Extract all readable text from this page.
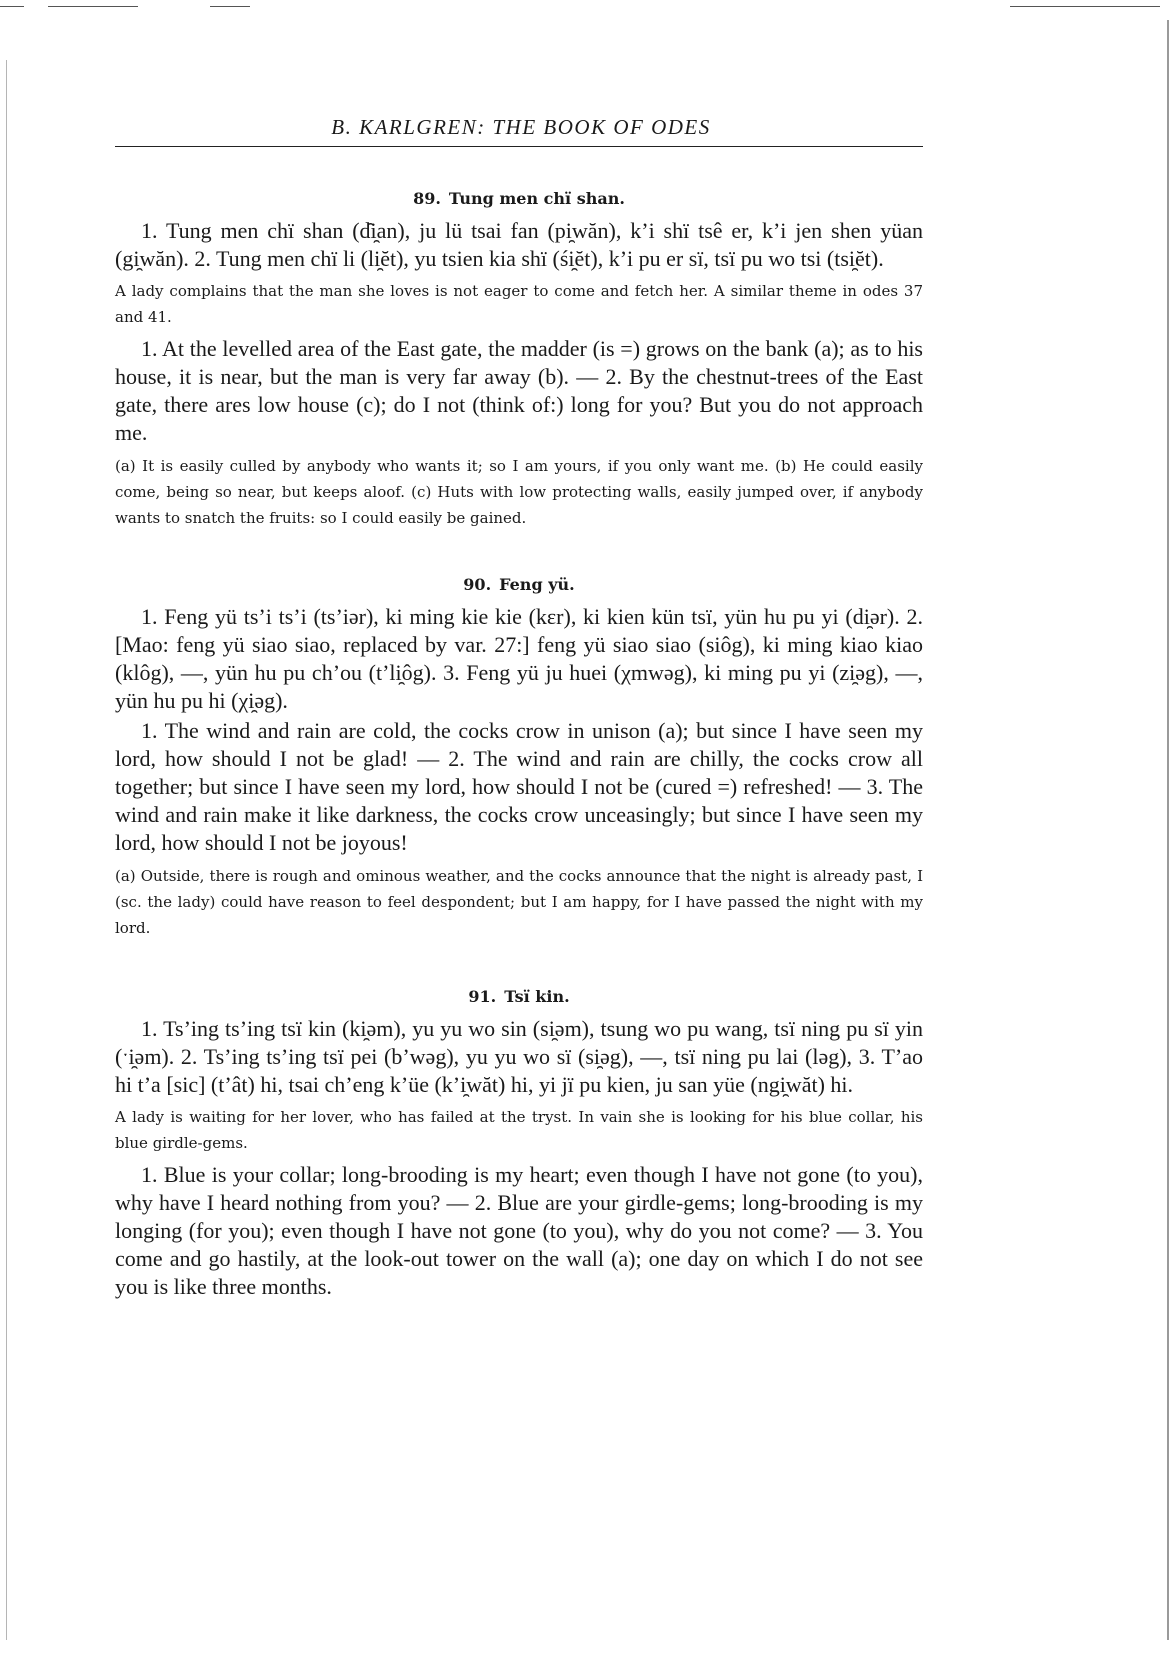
B. KARLGREN: THE BOOK OF ODES
89. Tung men chï shan.

1. Tung men chï shan (d̑i̯an), ju lü tsai fan (pi̯wăn), k’i shï tsê er, k’i jen shen yüan (gi̯wăn). 2. Tung men chï li (li̯ĕt), yu tsien kia shï (śi̯ĕt), k’i pu er sï, tsï pu wo tsi (tsi̯ĕt).

A lady complains that the man she loves is not eager to come and fetch her. A similar theme in odes 37 and 41.

1. At the levelled area of the East gate, the madder (is =) grows on the bank (a); as to his house, it is near, but the man is very far away (b). — 2. By the chestnut-trees of the East gate, there ares low house (c); do I not (think of:) long for you? But you do not approach me.

(a) It is easily culled by anybody who wants it; so I am yours, if you only want me. (b) He could easily come, being so near, but keeps aloof. (c) Huts with low protecting walls, easily jumped over, if anybody wants to snatch the fruits: so I could easily be gained.

90. Feng yü.

1. Feng yü ts’i ts’i (ts’iər), ki ming kie kie (kɛr), ki kien kün tsï, yün hu pu yi (di̯ər). 2. [Mao: feng yü siao siao, replaced by var. 27:] feng yü siao siao (siôg), ki ming kiao kiao (klôg), —, yün hu pu ch’ou (t’li̯ôg). 3. Feng yü ju huei (χmwəg), ki ming pu yi (zi̯əg), —, yün hu pu hi (χi̯əg).

1. The wind and rain are cold, the cocks crow in unison (a); but since I have seen my lord, how should I not be glad! — 2. The wind and rain are chilly, the cocks crow all together; but since I have seen my lord, how should I not be (cured =) refreshed! — 3. The wind and rain make it like darkness, the cocks crow unceasingly; but since I have seen my lord, how should I not be joyous!

(a) Outside, there is rough and ominous weather, and the cocks announce that the night is already past, I (sc. the lady) could have reason to feel despondent; but I am happy, for I have passed the night with my lord.

91. Tsï kin.

1. Ts’ing ts’ing tsï kin (ki̯əm), yu yu wo sin (si̯əm), tsung wo pu wang, tsï ning pu sï yin (ˑi̯əm). 2. Ts’ing ts’ing tsï pei (b’wəg), yu yu wo sï (si̯əg), —, tsï ning pu lai (ləg), 3. T’ao hi t’a [sic] (t’ât) hi, tsai ch’eng k’üe (k’i̯wăt) hi, yi jï pu kien, ju san yüe (ngi̯wăt) hi.

A lady is waiting for her lover, who has failed at the tryst. In vain she is looking for his blue collar, his blue girdle-gems.

1. Blue is your collar; long-brooding is my heart; even though I have not gone (to you), why have I heard nothing from you? — 2. Blue are your girdle-gems; long-brooding is my longing (for you); even though I have not gone (to you), why do you not come? — 3. You come and go hastily, at the look-out tower on the wall (a); one day on which I do not see you is like three months.
